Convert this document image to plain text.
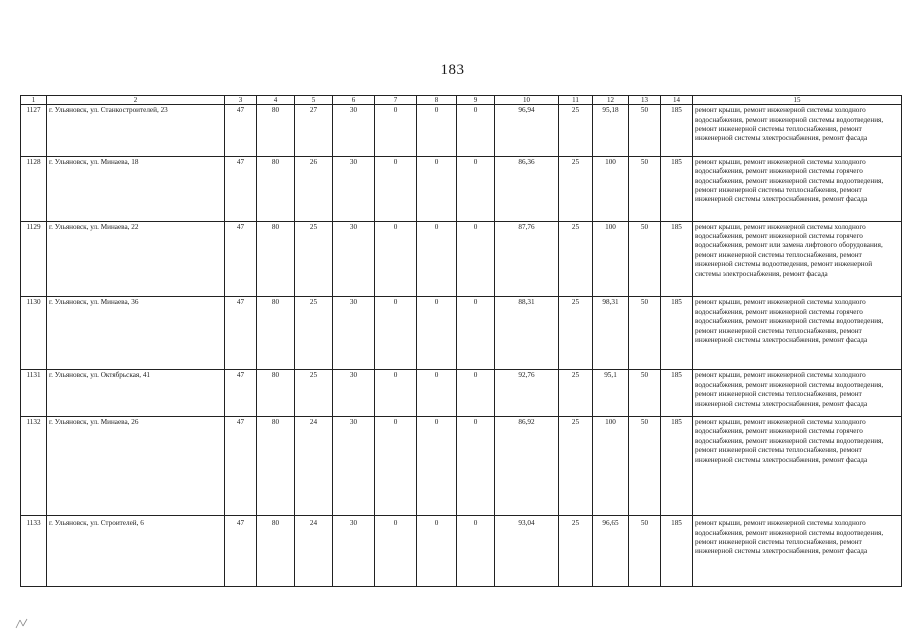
183
1	2	3	4	5	6	7	8	9	10	11	12	13	14	15
1127	г. Ульяновск, ул. Станкостроителей, 23	47	80	27	30	0	0	0	96,94	25	95,18	50	185	ремонт крыши, ремонт инженерной системы холодного водоснабжения, ремонт инженерной системы водоотведения, ремонт инженерной системы теплоснабжения, ремонт инженерной системы электроснабжения, ремонт фасада
1128	г. Ульяновск, ул. Минаева, 18	47	80	26	30	0	0	0	86,36	25	100	50	185	ремонт крыши, ремонт инженерной системы холодного водоснабжения, ремонт инженерной системы горячего водоснабжения, ремонт инженерной системы водоотведения, ремонт инженерной системы теплоснабжения, ремонт инженерной системы электроснабжения, ремонт фасада
1129	г. Ульяновск, ул. Минаева, 22	47	80	25	30	0	0	0	87,76	25	100	50	185	ремонт крыши, ремонт инженерной системы холодного водоснабжения, ремонт инженерной системы горячего водоснабжения, ремонт или замена лифтового оборудования, ремонт инженерной системы теплоснабжения, ремонт инженерной системы водоотведения, ремонт инженерной системы электроснабжения, ремонт фасада
1130	г. Ульяновск, ул. Минаева, 36	47	80	25	30	0	0	0	88,31	25	98,31	50	185	ремонт крыши, ремонт инженерной системы холодного водоснабжения, ремонт инженерной системы горячего водоснабжения, ремонт инженерной системы водоотведения, ремонт инженерной системы теплоснабжения, ремонт инженерной системы электроснабжения, ремонт фасада
1131	г. Ульяновск, ул. Октябрьская, 41	47	80	25	30	0	0	0	92,76	25	95,1	50	185	ремонт крыши, ремонт инженерной системы холодного водоснабжения, ремонт инженерной системы водоотведения, ремонт инженерной системы теплоснабжения, ремонт инженерной системы электроснабжения, ремонт фасада
1132	г. Ульяновск, ул. Минаева, 26	47	80	24	30	0	0	0	86,92	25	100	50	185	ремонт крыши, ремонт инженерной системы холодного водоснабжения, ремонт инженерной системы горячего водоснабжения, ремонт инженерной системы водоотведения, ремонт инженерной системы теплоснабжения, ремонт инженерной системы электроснабжения, ремонт фасада
1133	г. Ульяновск, ул. Строителей, 6	47	80	24	30	0	0	0	93,04	25	96,65	50	185	ремонт крыши, ремонт инженерной системы холодного водоснабжения, ремонт инженерной системы водоотведения, ремонт инженерной системы теплоснабжения, ремонт инженерной системы электроснабжения, ремонт фасада
